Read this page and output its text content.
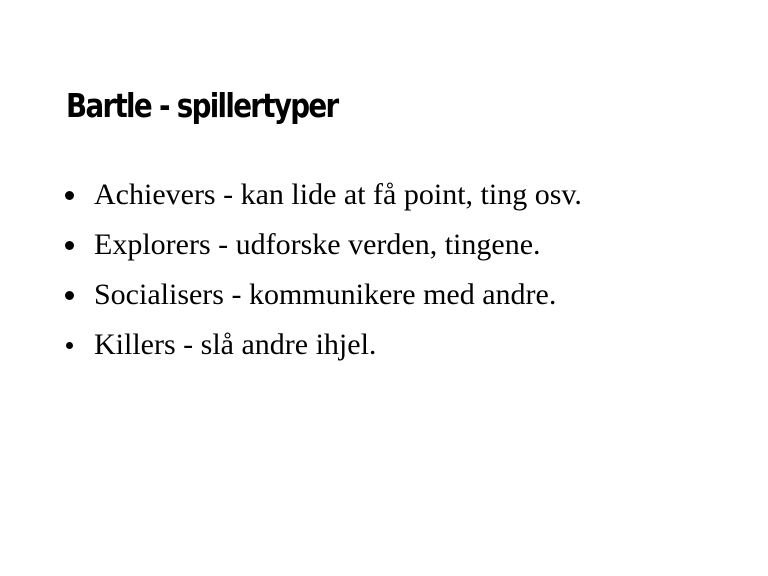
Bartle - spillertyper
Achievers - kan lide at få point, ting osv.
Explorers - udforske verden, tingene.
Socialisers - kommunikere med andre.
Killers - slå andre ihjel.
